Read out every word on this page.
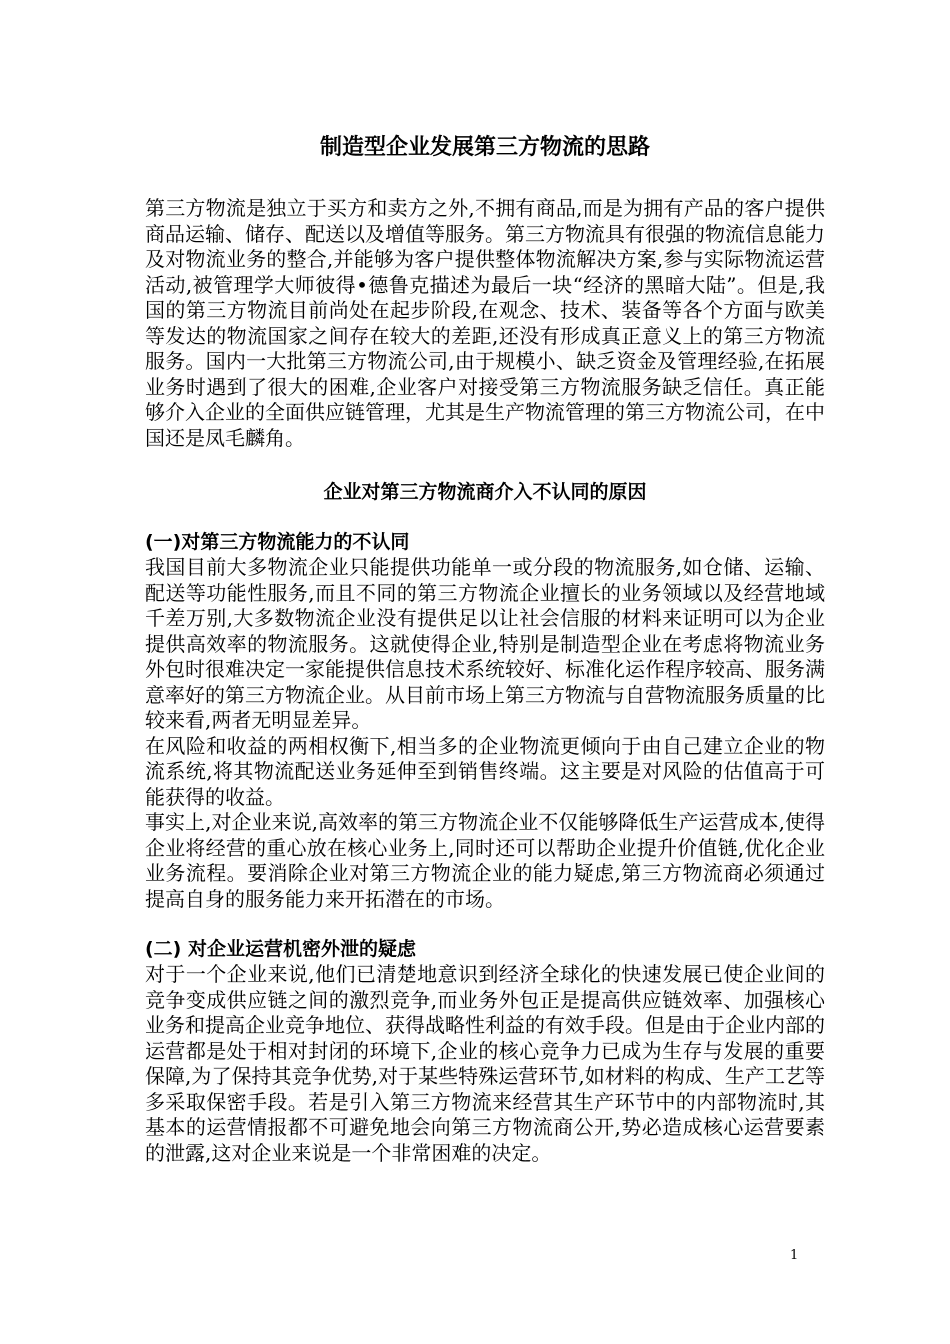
制造型企业发展第三方物流的思路

第三方物流是独立于买方和卖方之外,不拥有商品,而是为拥有产品的客户提供商品运输、储存、配送以及增值等服务。第三方物流具有很强的物流信息能力及对物流业务的整合,并能够为客户提供整体物流解决方案,参与实际物流运营活动,被管理学大师彼得•德鲁克描述为最后一块“经济的黑暗大陆”。但是,我国的第三方物流目前尚处在起步阶段,在观念、技术、装备等各个方面与欧美等发达的物流国家之间存在较大的差距,还没有形成真正意义上的第三方物流服务。国内一大批第三方物流公司,由于规模小、缺乏资金及管理经验,在拓展业务时遇到了很大的困难,企业客户对接受第三方物流服务缺乏信任。真正能够介入企业的全面供应链管理，尤其是生产物流管理的第三方物流公司，在中国还是凤毛麟角。

企业对第三方物流商介入不认同的原因
(一)对第三方物流能力的不认同

我国目前大多物流企业只能提供功能单一或分段的物流服务,如仓储、运输、配送等功能性服务,而且不同的第三方物流企业擅长的业务领域以及经营地域千差万别,大多数物流企业没有提供足以让社会信服的材料来证明可以为企业提供高效率的物流服务。这就使得企业,特别是制造型企业在考虑将物流业务外包时很难决定一家能提供信息技术系统较好、标准化运作程序较高、服务满意率好的第三方物流企业。从目前市场上第三方物流与自营物流服务质量的比较来看,两者无明显差异。

在风险和收益的两相权衡下,相当多的企业物流更倾向于由自己建立企业的物流系统,将其物流配送业务延伸至到销售终端。这主要是对风险的估值高于可能获得的收益。

事实上,对企业来说,高效率的第三方物流企业不仅能够降低生产运营成本,使得企业将经营的重心放在核心业务上,同时还可以帮助企业提升价值链,优化企业业务流程。要消除企业对第三方物流企业的能力疑虑,第三方物流商必须通过提高自身的服务能力来开拓潜在的市场。

(二) 对企业运营机密外泄的疑虑

对于一个企业来说,他们已清楚地意识到经济全球化的快速发展已使企业间的竞争变成供应链之间的激烈竞争,而业务外包正是提高供应链效率、加强核心业务和提高企业竞争地位、获得战略性利益的有效手段。但是由于企业内部的运营都是处于相对封闭的环境下,企业的核心竞争力已成为生存与发展的重要保障,为了保持其竞争优势,对于某些特殊运营环节,如材料的构成、生产工艺等多采取保密手段。若是引入第三方物流来经营其生产环节中的内部物流时,其基本的运营情报都不可避免地会向第三方物流商公开,势必造成核心运营要素的泄露,这对企业来说是一个非常困难的决定。

1
